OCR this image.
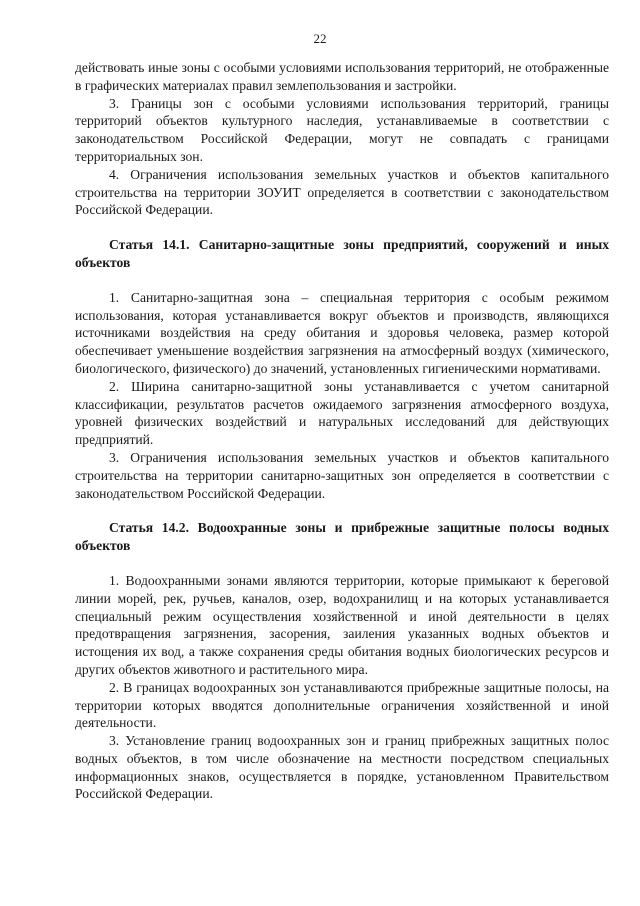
22

действовать иные зоны с особыми условиями использования территорий, не отображенные в графических материалах правил землепользования и застройки.

3. Границы зон с особыми условиями использования территорий, границы территорий объектов культурного наследия, устанавливаемые в соответствии с законодательством Российской Федерации, могут не совпадать с границами территориальных зон.

4. Ограничения использования земельных участков и объектов капитального строительства на территории ЗОУИТ определяется в соответствии с законодательством Российской Федерации.

Статья 14.1. Санитарно-защитные зоны предприятий, сооружений и иных объектов

1. Санитарно-защитная зона – специальная территория с особым режимом использования, которая устанавливается вокруг объектов и производств, являющихся источниками воздействия на среду обитания и здоровья человека, размер которой обеспечивает уменьшение воздействия загрязнения на атмосферный воздух (химического, биологического, физического) до значений, установленных гигиеническими нормативами.

2. Ширина санитарно-защитной зоны устанавливается с учетом санитарной классификации, результатов расчетов ожидаемого загрязнения атмосферного воздуха, уровней физических воздействий и натуральных исследований для действующих предприятий.

3. Ограничения использования земельных участков и объектов капитального строительства на территории санитарно-защитных зон определяется в соответствии с законодательством Российской Федерации.

Статья 14.2. Водоохранные зоны и прибрежные защитные полосы водных объектов

1. Водоохранными зонами являются территории, которые примыкают к береговой линии морей, рек, ручьев, каналов, озер, водохранилищ и на которых устанавливается специальный режим осуществления хозяйственной и иной деятельности в целях предотвращения загрязнения, засорения, заиления указанных водных объектов и истощения их вод, а также сохранения среды обитания водных биологических ресурсов и других объектов животного и растительного мира.

2. В границах водоохранных зон устанавливаются прибрежные защитные полосы, на территории которых вводятся дополнительные ограничения хозяйственной и иной деятельности.

3. Установление границ водоохранных зон и границ прибрежных защитных полос водных объектов, в том числе обозначение на местности посредством специальных информационных знаков, осуществляется в порядке, установленном Правительством Российской Федерации.
